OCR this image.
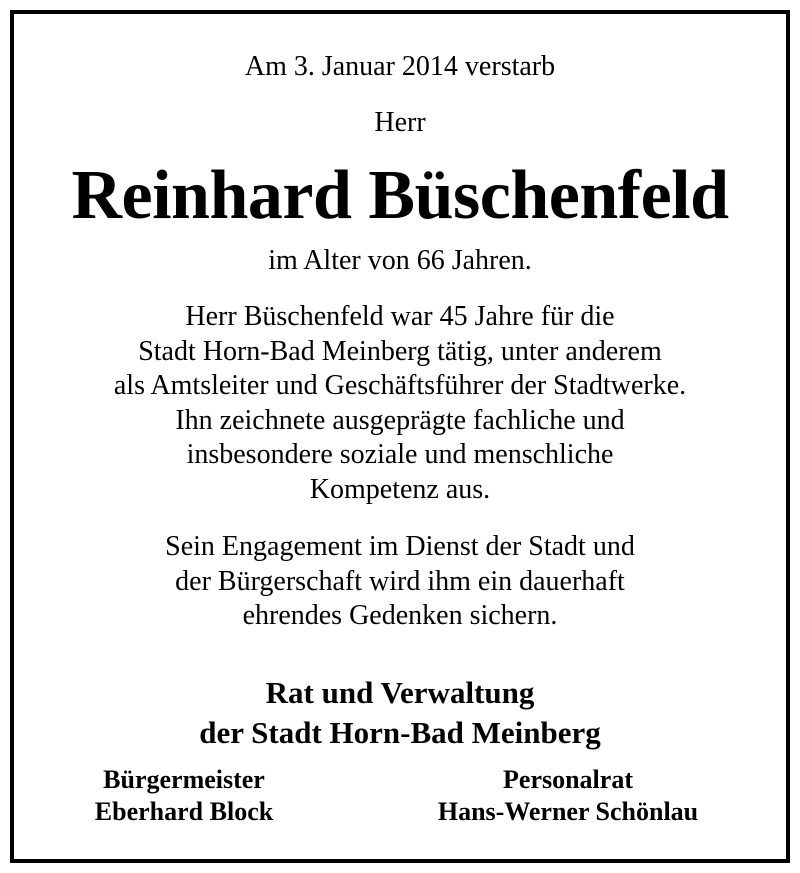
Am 3. Januar 2014 verstarb
Herr
Reinhard Büschenfeld
im Alter von 66 Jahren.
Herr Büschenfeld war 45 Jahre für die
Stadt Horn-Bad Meinberg tätig, unter anderem
als Amtsleiter und Geschäftsführer der Stadtwerke.
Ihn zeichnete ausgeprägte fachliche und
insbesondere soziale und menschliche
Kompetenz aus.
Sein Engagement im Dienst der Stadt und
der Bürgerschaft wird ihm ein dauerhaft
ehrendes Gedenken sichern.
Rat und Verwaltung
der Stadt Horn-Bad Meinberg
Bürgermeister
Eberhard Block
Personalrat
Hans-Werner Schönlau
